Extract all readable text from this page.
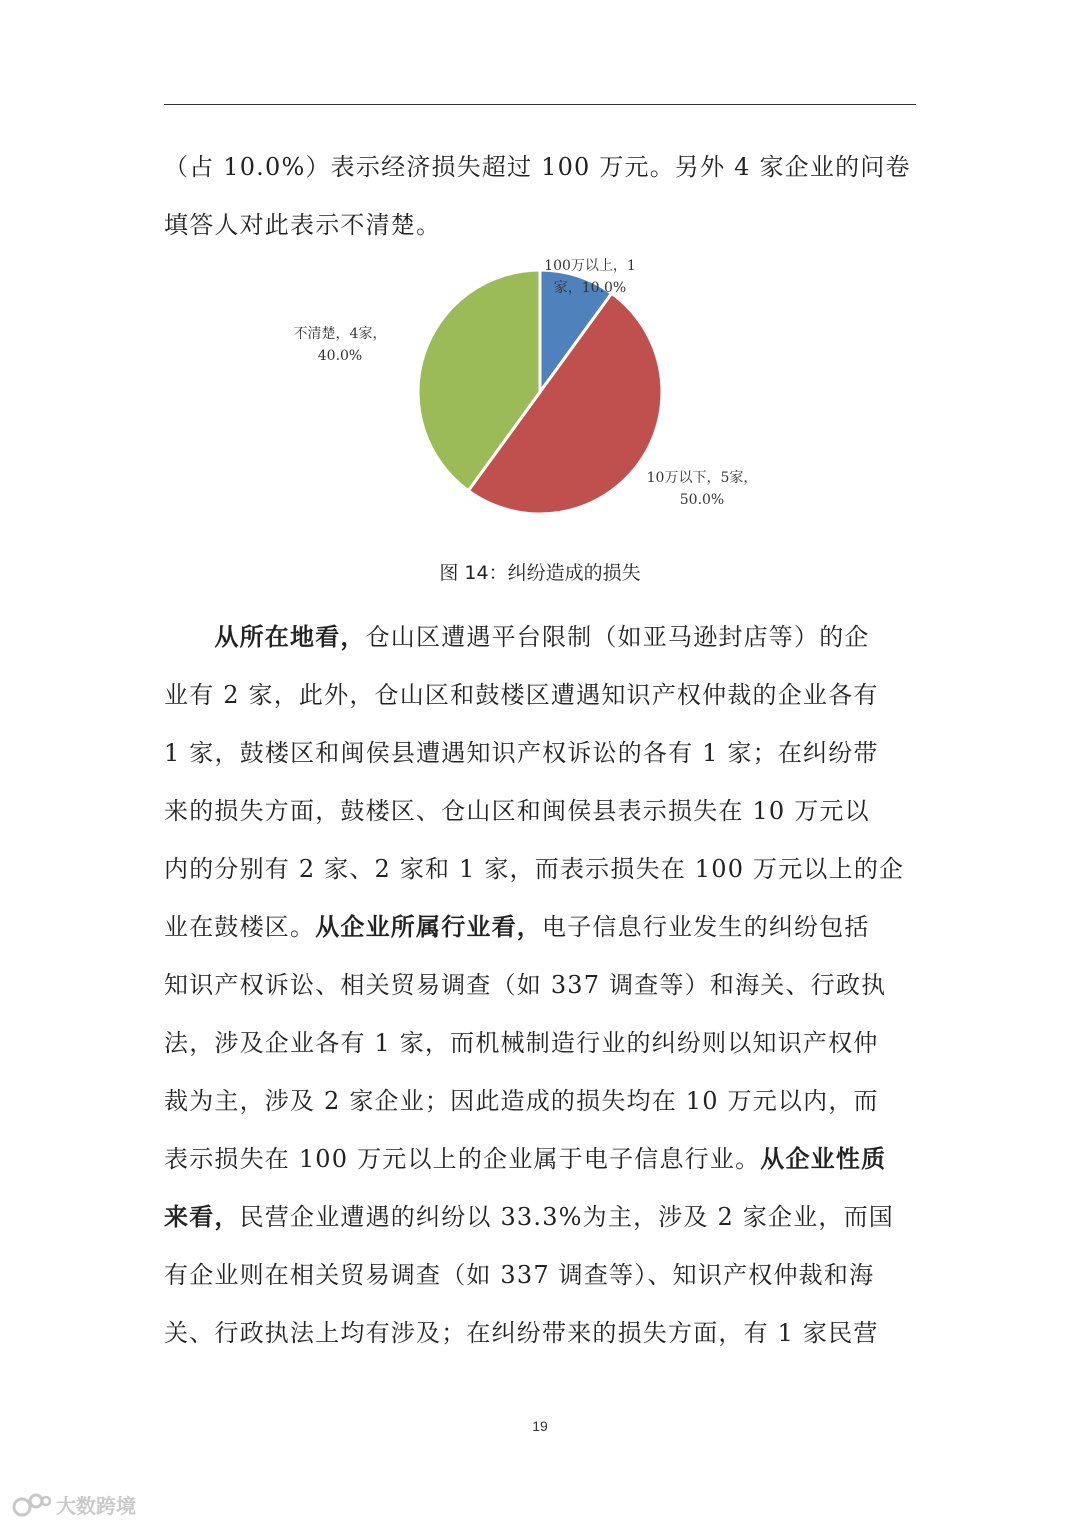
（占 10.0%）表示经济损失超过 100 万元。另外 4 家企业的问卷
填答人对此表示不清楚。
100万以上，1 家，10.0%
10万以下，5家， 50.0%
不清楚，4家， 40.0%
图 14：纠纷造成的损失
　　从所在地看，仓山区遭遇平台限制（如亚马逊封店等）的企
业有 2 家，此外，仓山区和鼓楼区遭遇知识产权仲裁的企业各有
1 家，鼓楼区和闽侯县遭遇知识产权诉讼的各有 1 家；在纠纷带
来的损失方面，鼓楼区、仓山区和闽侯县表示损失在 10 万元以
内的分别有 2 家、2 家和 1 家，而表示损失在 100 万元以上的企
业在鼓楼区。从企业所属行业看，电子信息行业发生的纠纷包括
知识产权诉讼、相关贸易调查（如 337 调查等）和海关、行政执
法，涉及企业各有 1 家，而机械制造行业的纠纷则以知识产权仲
裁为主，涉及 2 家企业；因此造成的损失均在 10 万元以内，而
表示损失在 100 万元以上的企业属于电子信息行业。从企业性质
来看，民营企业遭遇的纠纷以 33.3%为主，涉及 2 家企业，而国
有企业则在相关贸易调查（如 337 调查等）、知识产权仲裁和海
关、行政执法上均有涉及；在纠纷带来的损失方面，有 1 家民营
19
大数跨境
